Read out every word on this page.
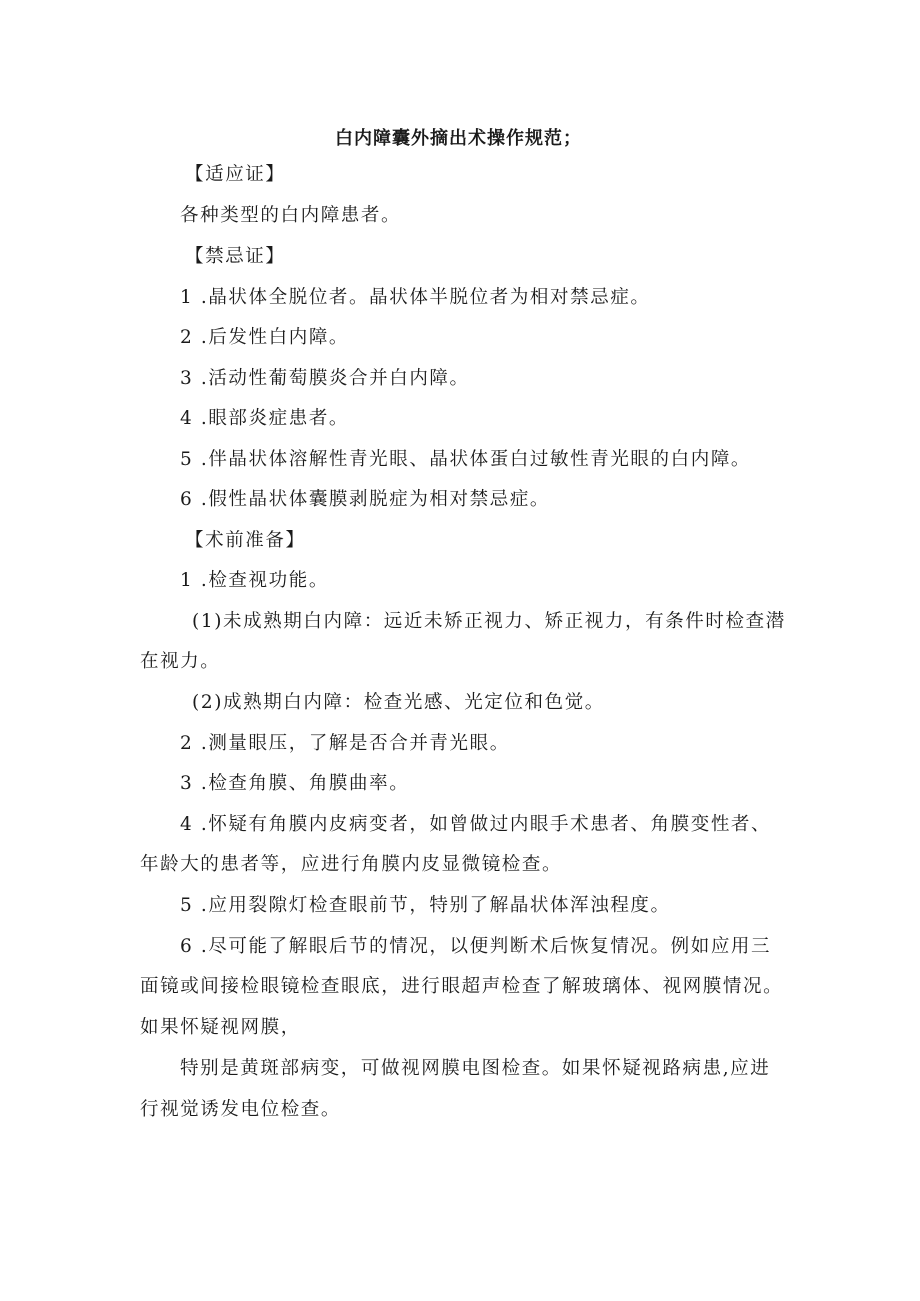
白内障囊外摘出术操作规范；
【适应证】
各种类型的白内障患者。
【禁忌证】
1 .晶状体全脱位者。晶状体半脱位者为相对禁忌症。
2 .后发性白内障。
3 .活动性葡萄膜炎合并白内障。
4 .眼部炎症患者。
5 .伴晶状体溶解性青光眼、晶状体蛋白过敏性青光眼的白内障。
6 .假性晶状体囊膜剥脱症为相对禁忌症。
【术前准备】
1 .检查视功能。
(1)未成熟期白内障：远近未矫正视力、矫正视力，有条件时检查潜
在视力。
(2)成熟期白内障：检查光感、光定位和色觉。
2 .测量眼压，了解是否合并青光眼。
3 .检查角膜、角膜曲率。
4 .怀疑有角膜内皮病变者，如曾做过内眼手术患者、角膜变性者、
年龄大的患者等，应进行角膜内皮显微镜检查。
5 .应用裂隙灯检查眼前节，特别了解晶状体浑浊程度。
6 .尽可能了解眼后节的情况，以便判断术后恢复情况。例如应用三
面镜或间接检眼镜检查眼底，进行眼超声检查了解玻璃体、视网膜情况。
如果怀疑视网膜，
特别是黄斑部病变，可做视网膜电图检查。如果怀疑视路病患,应进
行视觉诱发电位检查。
